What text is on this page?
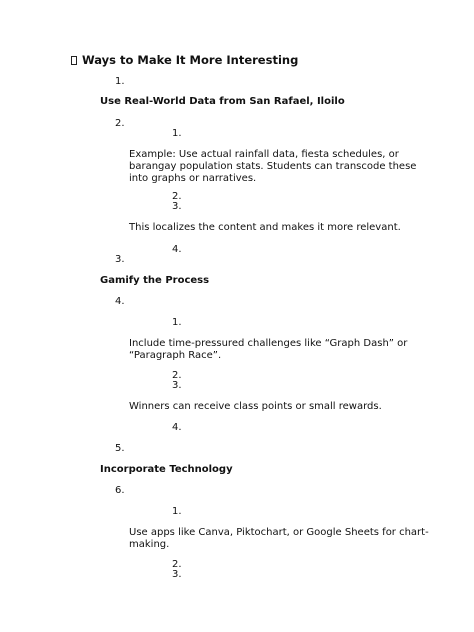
Ways to Make It More Interesting
1.
Use Real-World Data from San Rafael, Iloilo
2.
1.
Example: Use actual rainfall data, fiesta schedules, or barangay population stats. Students can transcode these into graphs or narratives.
2.
3.
This localizes the content and makes it more relevant.
4.
3.
Gamify the Process
4.
1.
Include time-pressured challenges like “Graph Dash” or “Paragraph Race”.
2.
3.
Winners can receive class points or small rewards.
4.
5.
Incorporate Technology
6.
1.
Use apps like Canva, Piktochart, or Google Sheets for chart-making.
2.
3.
